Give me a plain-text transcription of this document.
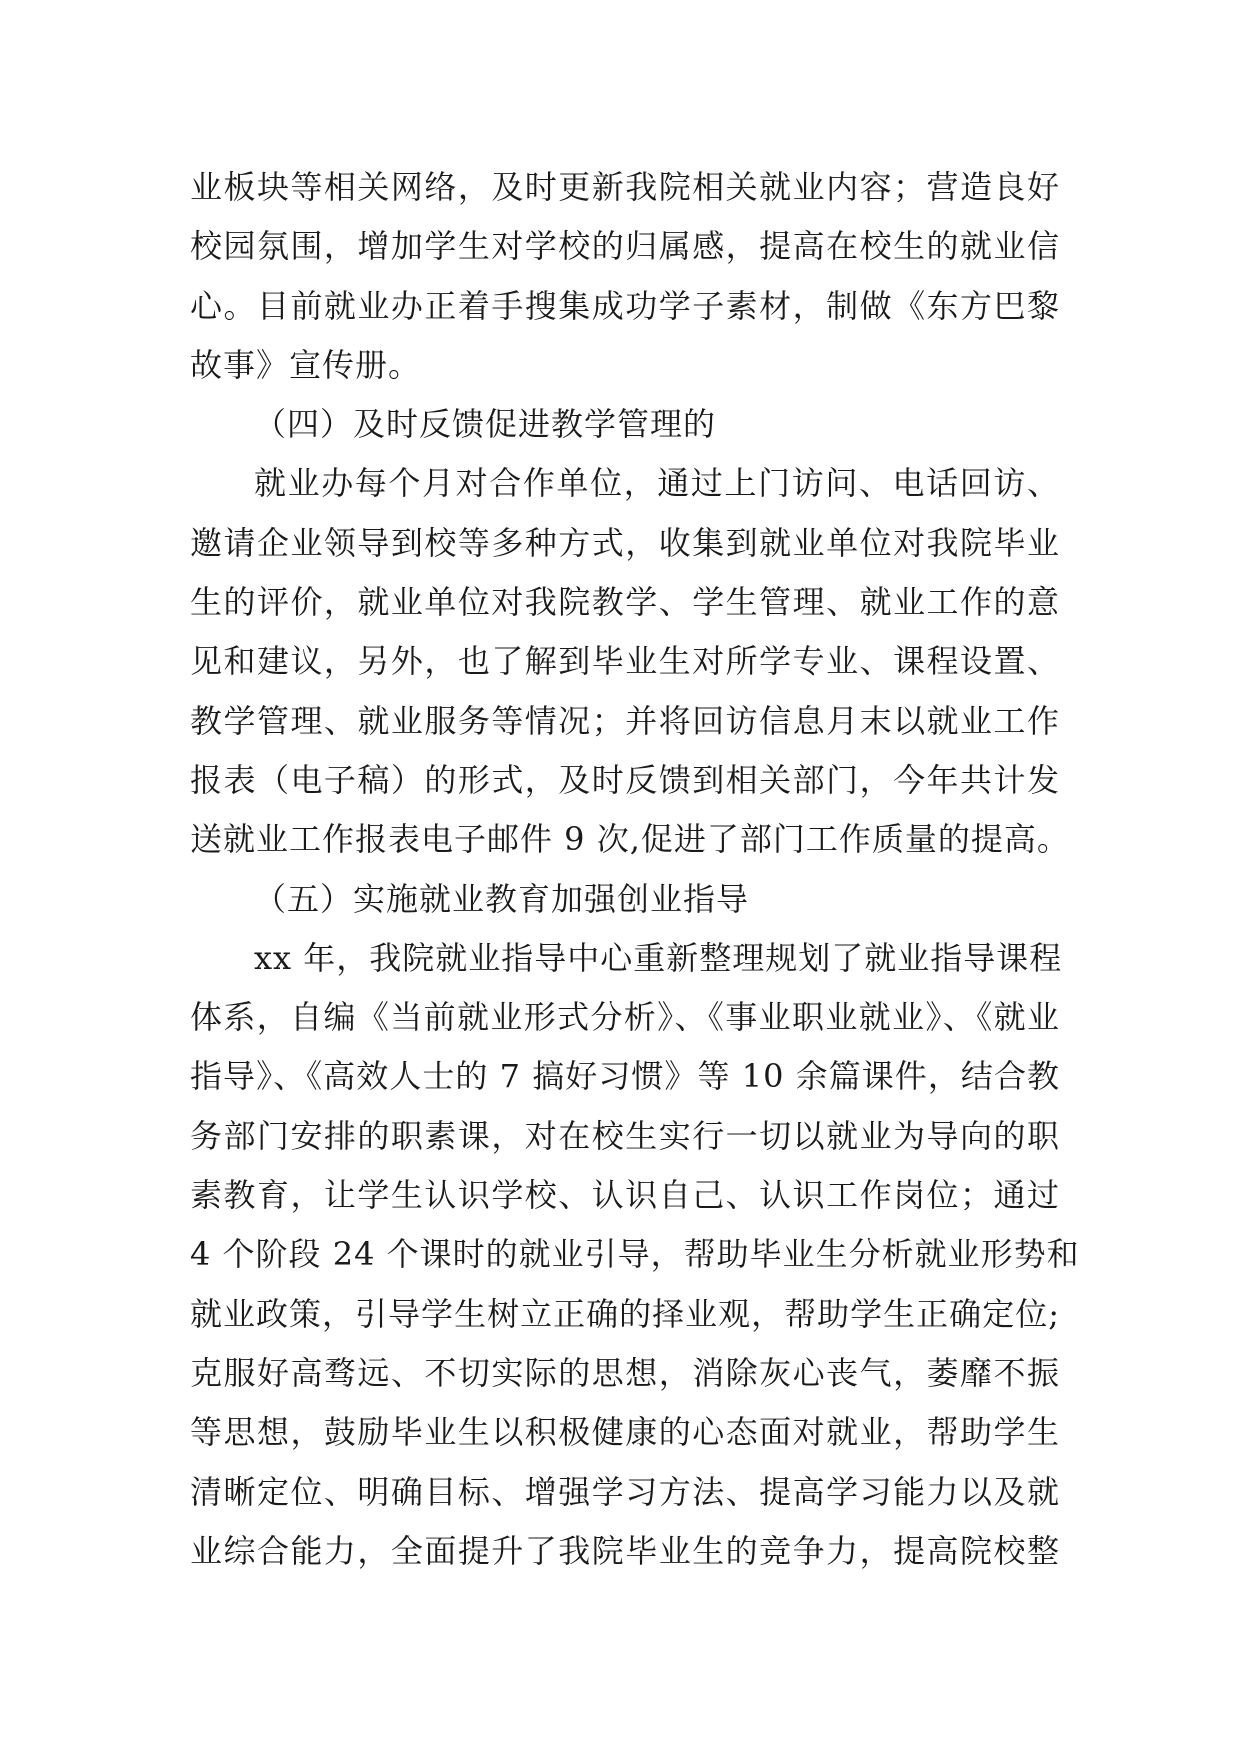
业板块等相关网络，及时更新我院相关就业内容；营造良好
校园氛围，增加学生对学校的归属感，提高在校生的就业信
心。目前就业办正着手搜集成功学子素材，制做《东方巴黎
故事》宣传册。
（四）及时反馈促进教学管理的
就业办每个月对合作单位，通过上门访问、电话回访、
邀请企业领导到校等多种方式，收集到就业单位对我院毕业
生的评价，就业单位对我院教学、学生管理、就业工作的意
见和建议，另外，也了解到毕业生对所学专业、课程设置、
教学管理、就业服务等情况；并将回访信息月末以就业工作
报表（电子稿）的形式，及时反馈到相关部门，今年共计发
送就业工作报表电子邮件 9 次,促进了部门工作质量的提高。
（五）实施就业教育加强创业指导
xx 年，我院就业指导中心重新整理规划了就业指导课程
体系，自编《当前就业形式分析》、《事业职业就业》、《就业
指导》、《高效人士的 7 搞好习惯》等 10 余篇课件，结合教
务部门安排的职素课，对在校生实行一切以就业为导向的职
素教育，让学生认识学校、认识自己、认识工作岗位；通过
4 个阶段 24 个课时的就业引导，帮助毕业生分析就业形势和
就业政策，引导学生树立正确的择业观，帮助学生正确定位;
克服好高骛远、不切实际的思想，消除灰心丧气，萎靡不振
等思想，鼓励毕业生以积极健康的心态面对就业，帮助学生
清晰定位、明确目标、增强学习方法、提高学习能力以及就
业综合能力，全面提升了我院毕业生的竞争力，提高院校整
